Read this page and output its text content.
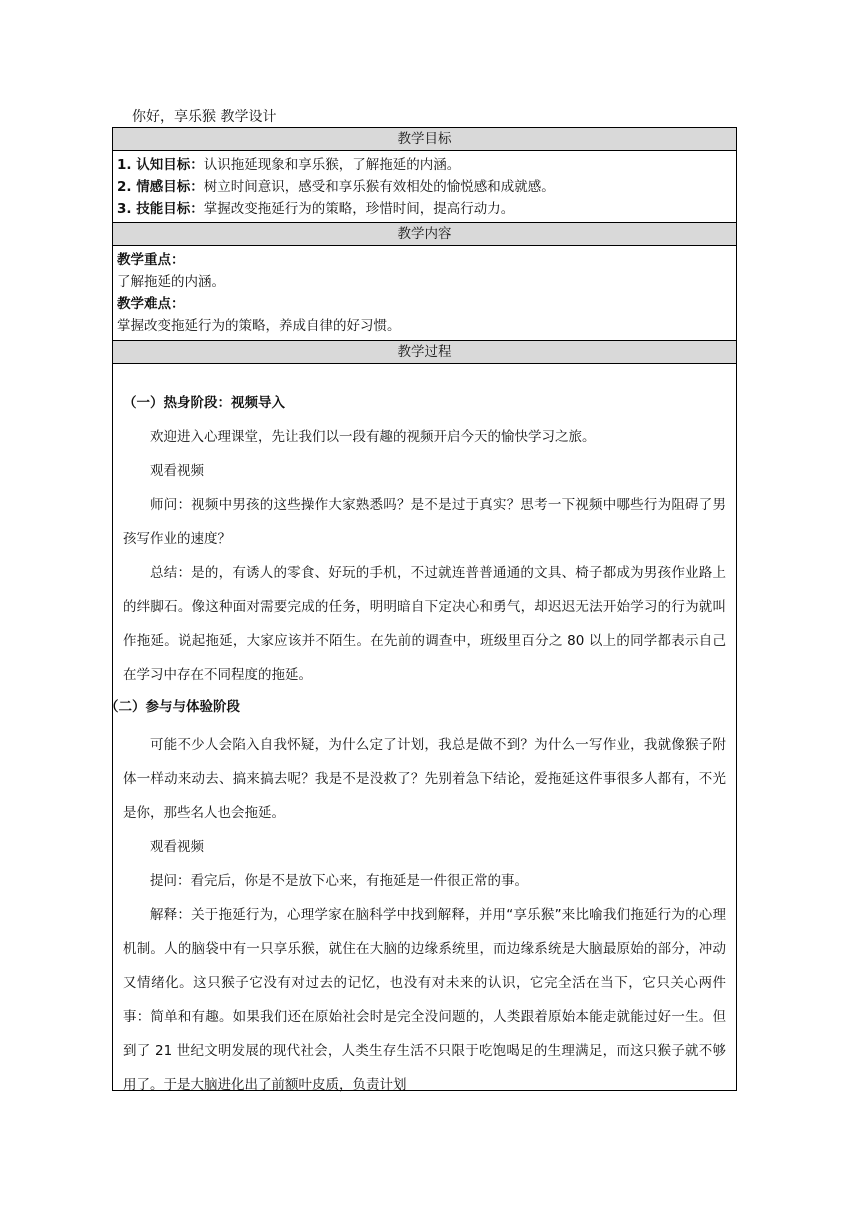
你好，享乐猴 教学设计
教学目标
1. 认知目标：认识拖延现象和享乐猴，了解拖延的内涵。
2. 情感目标：树立时间意识，感受和享乐猴有效相处的愉悦感和成就感。
3. 技能目标：掌握改变拖延行为的策略，珍惜时间，提高行动力。
教学内容
教学重点：
了解拖延的内涵。
教学难点：
掌握改变拖延行为的策略，养成自律的好习惯。
教学过程
（一）热身阶段：视频导入

欢迎进入心理课堂，先让我们以一段有趣的视频开启今天的愉快学习之旅。

观看视频

师问：视频中男孩的这些操作大家熟悉吗？是不是过于真实？思考一下视频中哪些行为阻碍了男孩写作业的速度？

总结：是的，有诱人的零食、好玩的手机，不过就连普普通通的文具、椅子都成为男孩作业路上的绊脚石。像这种面对需要完成的任务，明明暗自下定决心和勇气，却迟迟无法开始学习的行为就叫作拖延。说起拖延，大家应该并不陌生。在先前的调查中，班级里百分之 80 以上的同学都表示自己在学习中存在不同程度的拖延。

（二）参与与体验阶段

可能不少人会陷入自我怀疑，为什么定了计划，我总是做不到？为什么一写作业，我就像猴子附体一样动来动去、搞来搞去呢？我是不是没救了？先别着急下结论，爱拖延这件事很多人都有，不光是你，那些名人也会拖延。

观看视频

提问：看完后，你是不是放下心来，有拖延是一件很正常的事。

解释：关于拖延行为，心理学家在脑科学中找到解释，并用“享乐猴”来比喻我们拖延行为的心理机制。人的脑袋中有一只享乐猴，就住在大脑的边缘系统里，而边缘系统是大脑最原始的部分，冲动又情绪化。这只猴子它没有对过去的记忆，也没有对未来的认识，它完全活在当下，它只关心两件事：简单和有趣。如果我们还在原始社会时是完全没问题的，人类跟着原始本能走就能过好一生。但到了 21 世纪文明发展的现代社会，人类生存生活不只限于吃饱喝足的生理满足，而这只猴子就不够用了。于是大脑进化出了前额叶皮质，负责计划
